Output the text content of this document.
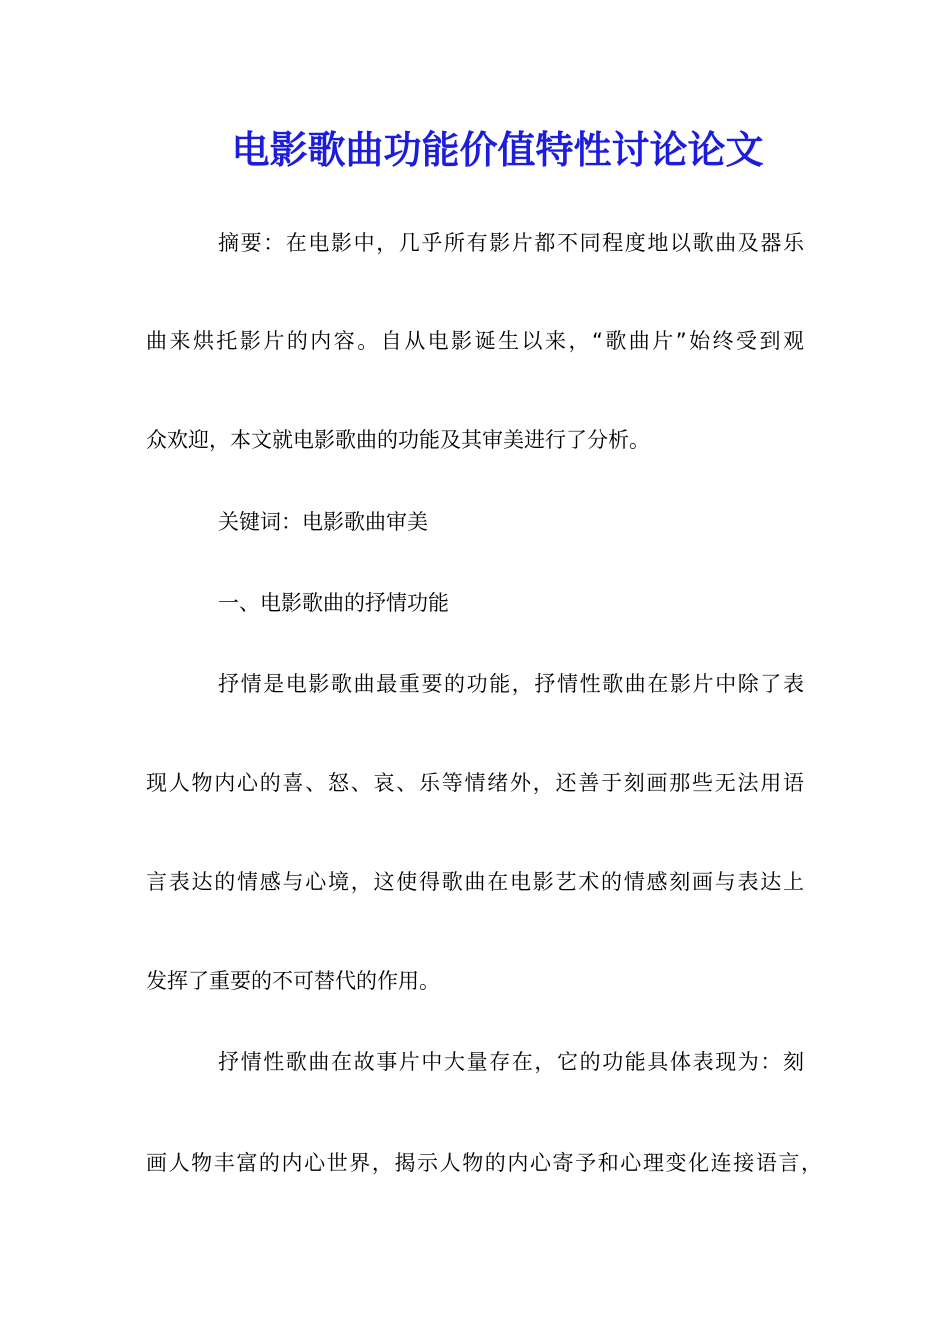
电影歌曲功能价值特性讨论论文
摘要：在电影中，几乎所有影片都不同程度地以歌曲及器乐
曲来烘托影片的内容。自从电影诞生以来，“歌曲片”始终受到观
众欢迎，本文就电影歌曲的功能及其审美进行了分析。
关键词：电影歌曲审美
一、电影歌曲的抒情功能
抒情是电影歌曲最重要的功能，抒情性歌曲在影片中除了表
现人物内心的喜、怒、哀、乐等情绪外，还善于刻画那些无法用语
言表达的情感与心境，这使得歌曲在电影艺术的情感刻画与表达上
发挥了重要的不可替代的作用。
抒情性歌曲在故事片中大量存在，它的功能具体表现为：刻
画人物丰富的内心世界，揭示人物的内心寄予和心理变化连接语言，
